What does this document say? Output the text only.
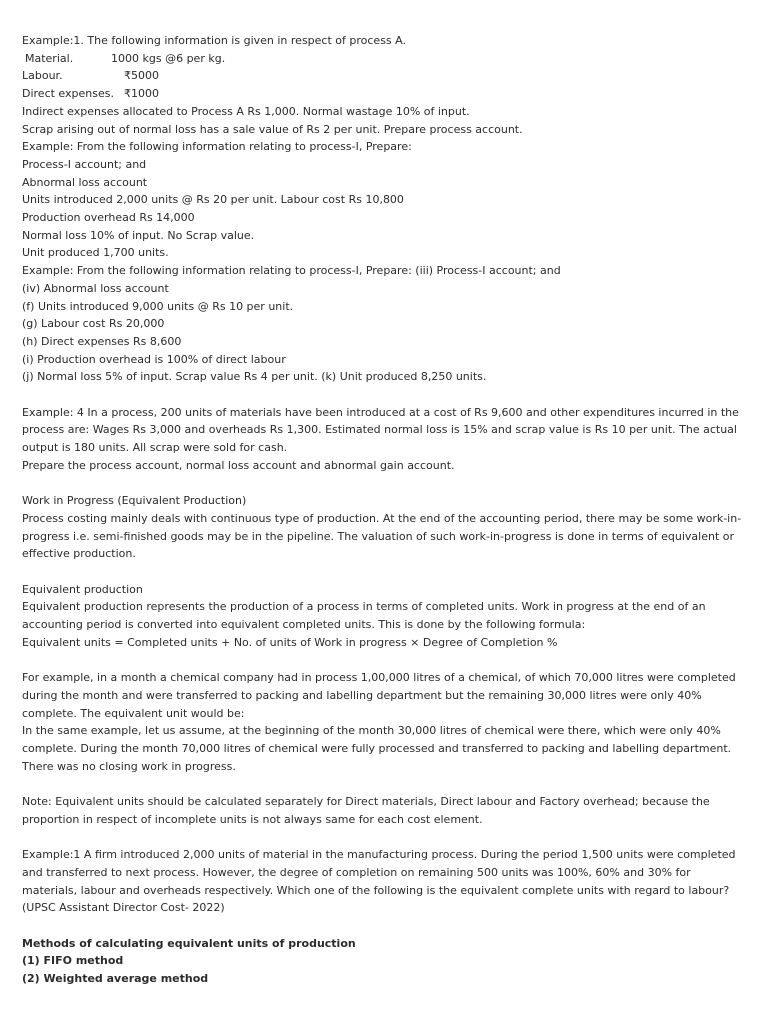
Example:1. The following information is given in respect of process A.
Material.	1000 kgs @6 per kg.
Labour.	₹5000
Direct expenses. ₹1000
Indirect expenses allocated to Process A Rs 1,000. Normal wastage 10% of input.
Scrap arising out of normal loss has a sale value of Rs 2 per unit. Prepare process account.
Example: From the following information relating to process-I, Prepare:
Process-I account; and
Abnormal loss account
Units introduced 2,000 units @ Rs 20 per unit. Labour cost Rs 10,800
Production overhead Rs 14,000
Normal loss 10% of input. No Scrap value.
Unit produced 1,700 units.
Example: From the following information relating to process-I, Prepare: (iii) Process-I account; and
(iv) Abnormal loss account
(f) Units introduced 9,000 units @ Rs 10 per unit.
(g) Labour cost Rs 20,000
(h) Direct expenses Rs 8,600
(i) Production overhead is 100% of direct labour
(j) Normal loss 5% of input. Scrap value Rs 4 per unit. (k) Unit produced 8,250 units.
Example: 4 In a process, 200 units of materials have been introduced at a cost of Rs 9,600 and other expenditures incurred in the process are: Wages Rs 3,000 and overheads Rs 1,300. Estimated normal loss is 15% and scrap value is Rs 10 per unit. The actual output is 180 units. All scrap were sold for cash.
Prepare the process account, normal loss account and abnormal gain account.
Work in Progress (Equivalent Production)
Process costing mainly deals with continuous type of production. At the end of the accounting period, there may be some work-in-progress i.e. semi-finished goods may be in the pipeline. The valuation of such work-in-progress is done in terms of equivalent or effective production.
Equivalent production
Equivalent production represents the production of a process in terms of completed units. Work in progress at the end of an accounting period is converted into equivalent completed units. This is done by the following formula:
Equivalent units = Completed units + No. of units of Work in progress × Degree of Completion %
For example, in a month a chemical company had in process 1,00,000 litres of a chemical, of which 70,000 litres were completed during the month and were transferred to packing and labelling department but the remaining 30,000 litres were only 40% complete. The equivalent unit would be:
In the same example, let us assume, at the beginning of the month 30,000 litres of chemical were there, which were only 40% complete. During the month 70,000 litres of chemical were fully processed and transferred to packing and labelling department. There was no closing work in progress.
Note: Equivalent units should be calculated separately for Direct materials, Direct labour and Factory overhead; because the proportion in respect of incomplete units is not always same for each cost element.
Example:1 A firm introduced 2,000 units of material in the manufacturing process. During the period 1,500 units were completed and transferred to next process. However, the degree of completion on remaining 500 units was 100%, 60% and 30% for materials, labour and overheads respectively. Which one of the following is the equivalent complete units with regard to labour? (UPSC Assistant Director Cost- 2022)
Methods of calculating equivalent units of production
(1) FIFO method
(2) Weighted average method
